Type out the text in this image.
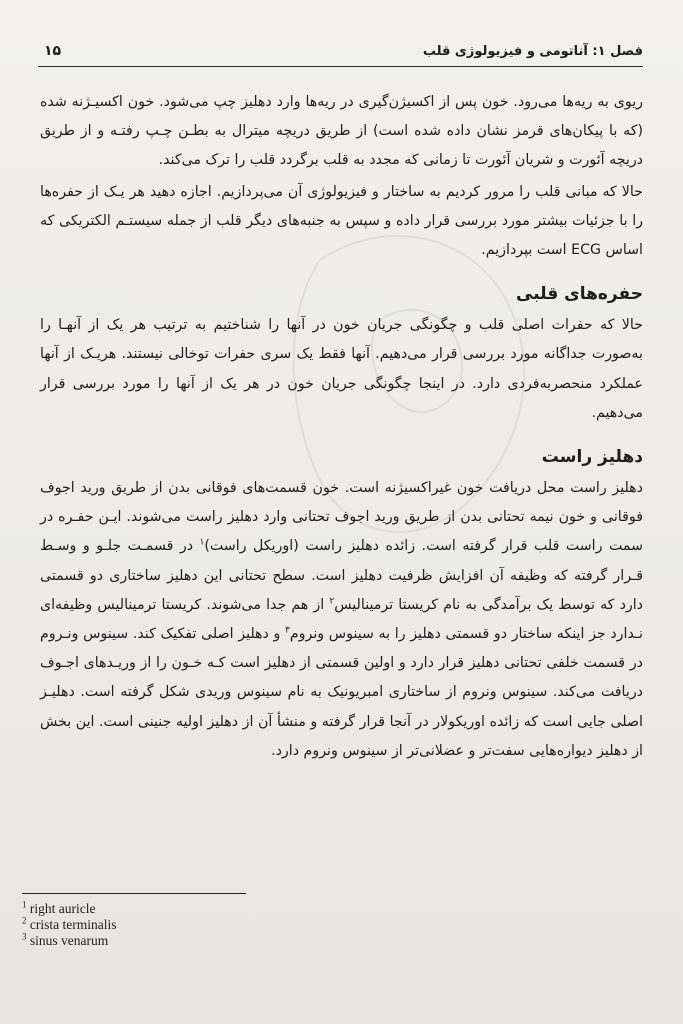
فصل ۱: آناتومی و فیزیولوژی قلب
۱۵

ریوی به ریه‌ها می‌رود. خون پس از اکسیژن‌گیری در ریه‌ها وارد دهلیز چپ می‌شود. خون اکسیـژنه شده (که با پیکان‌های قرمز نشان داده شده است) از طریق دریچه میترال به بطـن چـپ رفتـه و از طریق دریچه آئورت و شریان آئورت تا زمانی که مجدد به قلب برگردد قلب را ترک می‌کند.

حالا که مبانی قلب را مرور کردیم به ساختار و فیزیولوژی آن می‌پردازیم. اجازه دهید هر یـک از حفره‌ها را با جزئیات بیشتر مورد بررسی قرار داده و سپس به جنبه‌های دیگر قلب از جمله سیستـم الکتریکی که اساس ECG است بپردازیم.

حفره‌های قلبی

حالا که حفرات اصلی قلب و چگونگی جریان خون در آنها را شناختیم به ترتیب هر یک از آنهـا را به‌صورت جداگانه مورد بررسی قرار می‌دهیم. آنها فقط یک سری حفرات توخالی نیستند. هریـک از آنها عملکرد منحصربه‌فردی دارد. در اینجا چگونگی جریان خون در هر یک از آنها را مورد بررسی قرار می‌دهیم.

دهلیز راست

دهلیز راست محل دریافت خون غیراکسیژنه است. خون قسمت‌های فوقانی بدن از طریق ورید اجوف فوقانی و خون نیمه تحتانی بدن از طریق ورید اجوف تحتانی وارد دهلیز راست می‌شوند. ایـن حفـره در سمت راست قلب قرار گرفته است. زائده دهلیز راست (اوریکل راست)$^۱$ در قسمـت جلـو و وسـط قـرار گرفته که وظیفه آن افزایش ظرفیت دهلیز است. سطح تحتانی این دهلیز ساختاری دو قسمتی دارد که توسط یک برآمدگی به نام کریستا ترمینالیس$^۲$ از هم جدا می‌شوند. کریستا ترمینالیس وظیفه‌ای نـدارد جز اینکه ساختار دو قسمتی دهلیز را به سینوس ونروم$^۳$ و دهلیز اصلی تفکیک کند. سینوس ونـروم در قسمت خلفی تحتانی دهلیز قرار دارد و اولین قسمتی از دهلیز است کـه خـون را از وریـدهای اجـوف دریافت می‌کند. سینوس ونروم از ساختاری امبریونیک به نام سینوس وریدی شکل گرفته است. دهلیـز اصلی جایی است که زائده اوریکولار در آنجا قرار گرفته و منشأ آن از دهلیز اولیه جنینی است. این بخش از دهلیز دیواره‌هایی سفت‌تر و عضلانی‌تر از سینوس ونروم دارد.

$^1$ right auricle
$^2$ crista terminalis
$^3$ sinus venarum
